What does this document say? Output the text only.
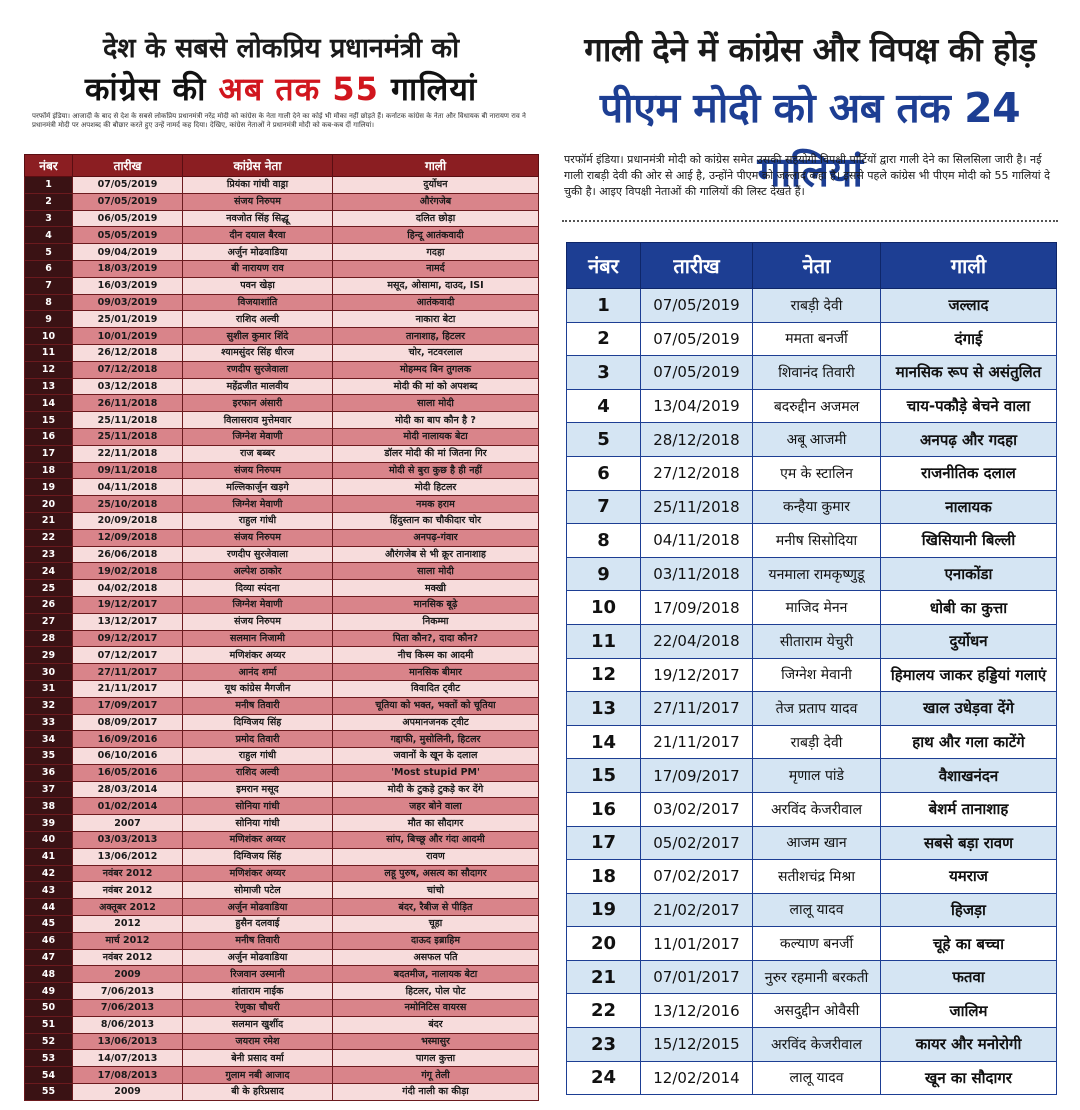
देश के सबसे लोकप्रिय प्रधानमंत्री को
कांग्रेस की अब तक 55 गालियां
परफॉर्म इंडिया। आजादी के बाद से देश के सबसे लोकप्रिय प्रधानमंत्री नरेंद्र मोदी को कांग्रेस के नेता गाली देने का कोई भी मौका नहीं छोड़ते हैं। कर्नाटक कांग्रेस के नेता और विधायक बी नारायण राव ने प्रधानमंत्री मोदी पर अपशब्द की बौछार करते हुए उन्हें नामर्द कह दिया। देखिए, कांग्रेस नेताओं ने प्रधानमंत्री मोदी को कब-कब दीं गालियां।
नंबर	तारीख	कांग्रेस नेता	गाली
1	07/05/2019	प्रियंका गांधी वाड्रा	दुर्योधन
2	07/05/2019	संजय निरुपम	औरंगजेब
3	06/05/2019	नवजोत सिंह सिद्धू	दलित छोड़ा
4	05/05/2019	दीन दयाल बैरवा	हिन्दू आतंकवादी
5	09/04/2019	अर्जुन मोढवाडिया	गदहा
6	18/03/2019	बी नारायण राव	नामर्द
7	16/03/2019	पवन खेड़ा	मसूद, ओसामा, दाउद, ISI
8	09/03/2019	विजयाशांति	आतंकवादी
9	25/01/2019	राशिद अल्वी	नाकारा बेटा
10	10/01/2019	सुशील कुमार शिंदे	तानाशाह, हिटलर
11	26/12/2018	श्यामसुंदर सिंह धीरज	चोर, नटवरलाल
12	07/12/2018	रणदीप सुरजेवाला	मोहम्मद बिन तुगलक
13	03/12/2018	महेंद्रजीत मालवीय	मोदी की मां को अपशब्द
14	26/11/2018	इरफान अंसारी	साला मोदी
15	25/11/2018	विलासराव मुत्तेमवार	मोदी का बाप कौन है ?
16	25/11/2018	जिग्नेश मेवाणी	मोदी नालायक बेटा
17	22/11/2018	राज बब्बर	डॉलर मोदी की मां जितना गिर
18	09/11/2018	संजय निरुपम	मोदी से बुरा कुछ है ही नहीं
19	04/11/2018	मल्लिकार्जुन खड़गे	मोदी हिटलर
20	25/10/2018	जिग्नेश मेवाणी	नमक हराम
21	20/09/2018	राहुल गांधी	हिंदुस्तान का चौकीदार चोर
22	12/09/2018	संजय निरुपम	अनपढ़-गंवार
23	26/06/2018	रणदीप सुरजेवाला	औरंगजेब से भी क्रूर तानाशाह
24	19/02/2018	अल्पेश ठाकोर	साला मोदी
25	04/02/2018	दिव्या स्पंदना	मक्खी
26	19/12/2017	जिग्नेश मेवाणी	मानसिक बूढ़े
27	13/12/2017	संजय निरुपम	निकम्मा
28	09/12/2017	सलमान निजामी	पिता कौन?, दादा कौन?
29	07/12/2017	मणिशंकर अय्यर	नीच किस्म का आदमी
30	27/11/2017	आनंद शर्मा	मानसिक बीमार
31	21/11/2017	यूथ कांग्रेस मैगजीन	विवादित ट्वीट
32	17/09/2017	मनीष तिवारी	चूतिया को भक्त, भक्तों को चूतिया
33	08/09/2017	दिग्विजय सिंह	अपमानजनक ट्वीट
34	16/09/2016	प्रमोद तिवारी	गद्दाफी, मुसोलिनी, हिटलर
35	06/10/2016	राहुल गांधी	जवानों के खून के दलाल
36	16/05/2016	राशिद अल्वी	'Most stupid PM'
37	28/03/2014	इमरान मसूद	मोदी के टुकड़े टुकड़े कर देंगे
38	01/02/2014	सोनिया गांधी	जहर बोने वाला
39	2007	सोनिया गांधी	मौत का सौदागर
40	03/03/2013	मणिशंकर अय्यर	सांप, बिच्छू और गंदा आदमी
41	13/06/2012	दिग्विजय सिंह	रावण
42	नवंबर 2012	मणिशंकर अय्यर	लहू पुरुष, असत्य का सौदागर
43	नवंबर 2012	सोमाजी पटेल	चांचो
44	अक्तूबर 2012	अर्जुन मोढवाडिया	बंदर, रैबीज से पीड़ित
45	2012	हुसैन दलवाई	चूहा
46	मार्च 2012	मनीष तिवारी	दाऊद इब्राहिम
47	नवंबर 2012	अर्जुन मोढवाडिया	असफल पति
48	2009	रिजवान उस्मानी	बदतमीज, नालायक बेटा
49	7/06/2013	शांताराम नाईक	हिटलर, पोल पोट
50	7/06/2013	रेणुका चौधरी	नमोनिटिस वायरस
51	8/06/2013	सलमान खुर्शीद	बंदर
52	13/06/2013	जयराम रमेश	भस्मासुर
53	14/07/2013	बेनी प्रसाद वर्मा	पागल कुत्ता
54	17/08/2013	गुलाम नबी आजाद	गंगू तेली
55	2009	बी के हरिप्रसाद	गंदी नाली का कीड़ा
गाली देने में कांग्रेस और विपक्ष की होड़
पीएम मोदी को अब तक 24 गालियां
परफॉर्म इंडिया। प्रधानमंत्री मोदी को कांग्रेस समेत उसकी सहयोगी विपक्षी पार्टियों द्वारा गाली देने का सिलसिला जारी है। नई गाली राबड़ी देवी की ओर से आई है, उन्होंने पीएम को जल्लाद कहा है। इससे पहले कांग्रेस भी पीएम मोदी को 55 गालियां दे चुकी है। आइए विपक्षी नेताओं की गालियों की लिस्ट देखते हैं।
नंबर	तारीख	नेता	गाली
1	07/05/2019	राबड़ी देवी	जल्लाद
2	07/05/2019	ममता बनर्जी	दंगाई
3	07/05/2019	शिवानंद तिवारी	मानसिक रूप से असंतुलित
4	13/04/2019	बदरुद्दीन अजमल	चाय-पकौड़े बेचने वाला
5	28/12/2018	अबू आजमी	अनपढ़ और गदहा
6	27/12/2018	एम के स्टालिन	राजनीतिक दलाल
7	25/11/2018	कन्हैया कुमार	नालायक
8	04/11/2018	मनीष सिसोदिया	खिसियानी बिल्ली
9	03/11/2018	यनमाला रामकृष्णुडू	एनाकोंडा
10	17/09/2018	माजिद मेनन	धोबी का कुत्ता
11	22/04/2018	सीताराम येचुरी	दुर्योधन
12	19/12/2017	जिग्नेश मेवानी	हिमालय जाकर हड्डियां गलाएं
13	27/11/2017	तेज प्रताप यादव	खाल उधेड़वा देंगे
14	21/11/2017	राबड़ी देवी	हाथ और गला काटेंगे
15	17/09/2017	मृणाल पांडे	वैशाखनंदन
16	03/02/2017	अरविंद केजरीवाल	बेशर्म तानाशाह
17	05/02/2017	आजम खान	सबसे बड़ा रावण
18	07/02/2017	सतीशचंद्र मिश्रा	यमराज
19	21/02/2017	लालू यादव	हिजड़ा
20	11/01/2017	कल्याण बनर्जी	चूहे का बच्चा
21	07/01/2017	नुरुर रहमानी बरकती	फतवा
22	13/12/2016	असदुद्दीन ओवैसी	जालिम
23	15/12/2015	अरविंद केजरीवाल	कायर और मनोरोगी
24	12/02/2014	लालू यादव	खून का सौदागर
